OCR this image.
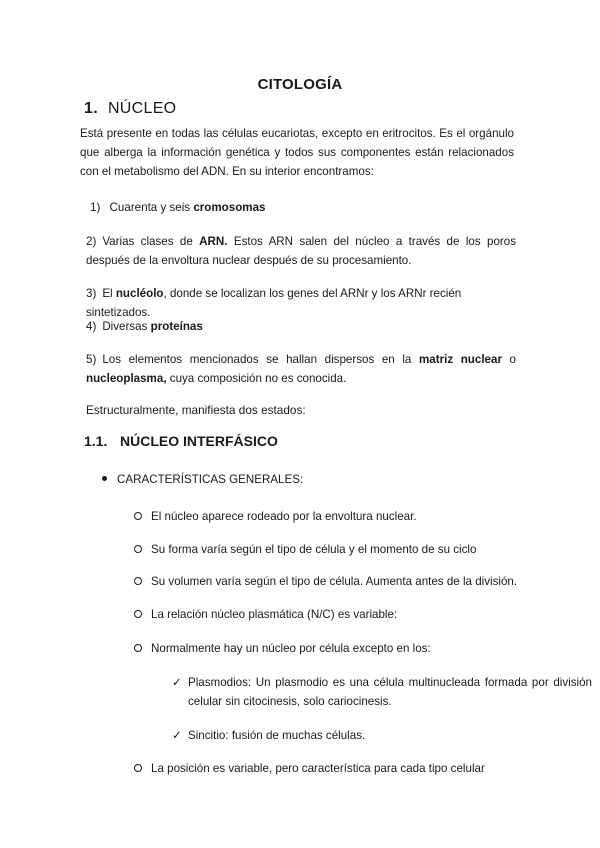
CITOLOGÍA
1. NÚCLEO
Está presente en todas las células eucariotas, excepto en eritrocitos. Es el orgánulo que alberga la información genética y todos sus componentes están relacionados con el metabolismo del ADN. En su interior encontramos:
1) Cuarenta y seis cromosomas
2) Varias clases de ARN. Estos ARN salen del núcleo a través de los poros después de la envoltura nuclear después de su procesamiento.
3) El nucléolo, donde se localizan los genes del ARNr y los ARNr recién sintetizados.
4) Diversas proteínas
5) Los elementos mencionados se hallan dispersos en la matriz nuclear o nucleoplasma, cuya composición no es conocida.
Estructuralmente, manifiesta dos estados:
1.1. NÚCLEO INTERFÁSICO
CARACTERÍSTICAS GENERALES:
El núcleo aparece rodeado por la envoltura nuclear.
Su forma varía según el tipo de célula y el momento de su ciclo
Su volumen varía según el tipo de célula. Aumenta antes de la división.
La relación núcleo plasmática (N/C) es variable:
Normalmente hay un núcleo por célula excepto en los:
✓ Plasmodios: Un plasmodio es una célula multinucleada formada por división celular sin citocinesis, solo cariocinesis.
✓ Sincitio: fusión de muchas células.
La posición es variable, pero característica para cada tipo celular
